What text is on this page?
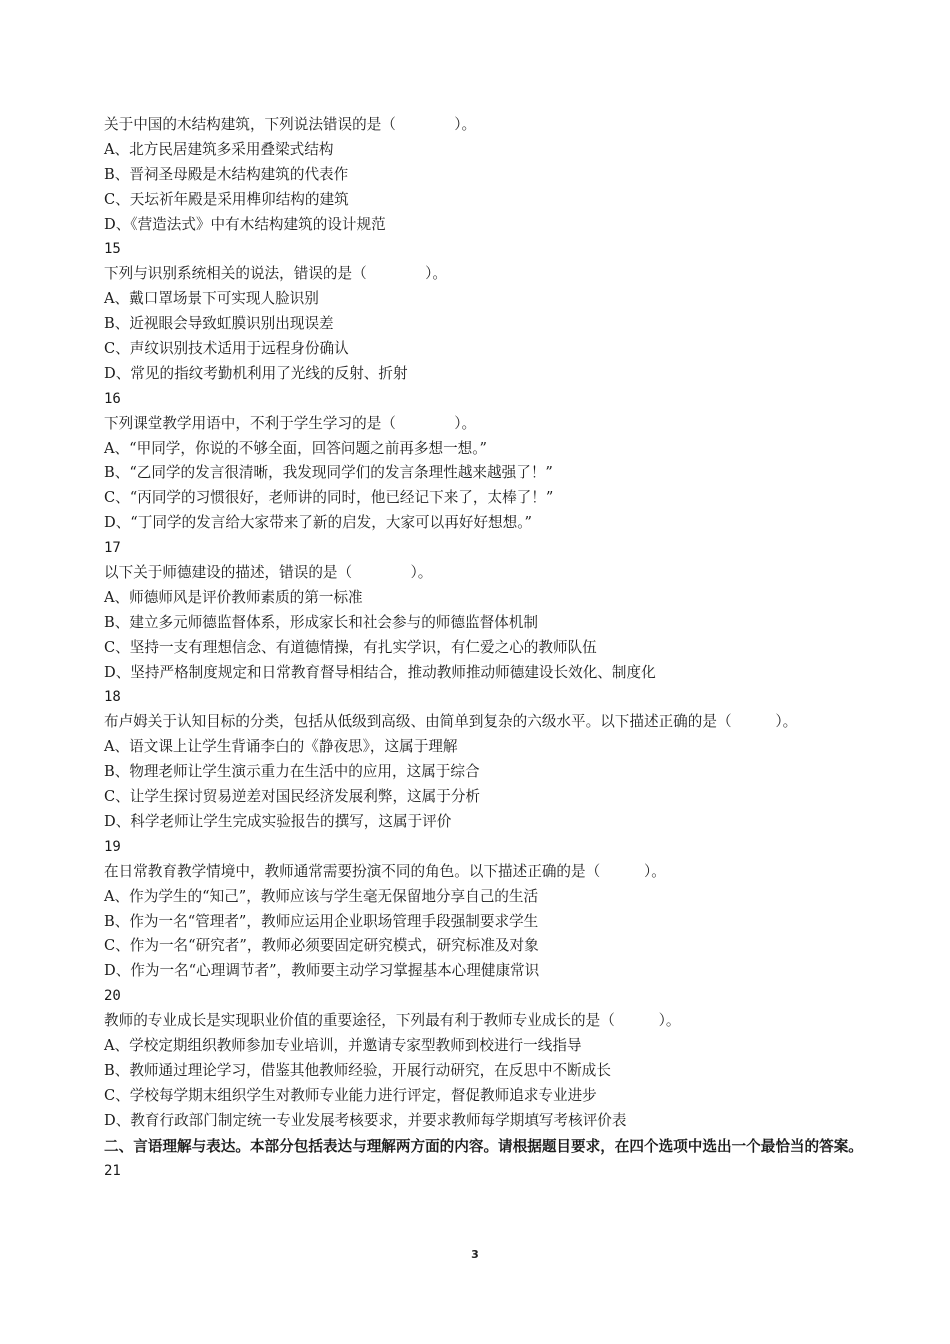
关于中国的木结构建筑，下列说法错误的是（　　　　）。
A、北方民居建筑多采用叠梁式结构
B、晋祠圣母殿是木结构建筑的代表作
C、天坛祈年殿是采用榫卯结构的建筑
D、《营造法式》中有木结构建筑的设计规范
15
下列与识别系统相关的说法，错误的是（　　　　）。
A、戴口罩场景下可实现人脸识别
B、近视眼会导致虹膜识别出现误差
C、声纹识别技术适用于远程身份确认
D、常见的指纹考勤机利用了光线的反射、折射
16
下列课堂教学用语中，不利于学生学习的是（　　　　）。
A、“甲同学，你说的不够全面，回答问题之前再多想一想。”
B、“乙同学的发言很清晰，我发现同学们的发言条理性越来越强了！”
C、“丙同学的习惯很好，老师讲的同时，他已经记下来了，太棒了！”
D、“丁同学的发言给大家带来了新的启发，大家可以再好好想想。”
17
以下关于师德建设的描述，错误的是（　　　　）。
A、师德师风是评价教师素质的第一标准
B、建立多元师德监督体系，形成家长和社会参与的师德监督体机制
C、坚持一支有理想信念、有道德情操，有扎实学识，有仁爱之心的教师队伍
D、坚持严格制度规定和日常教育督导相结合，推动教师推动师德建设长效化、制度化
18
布卢姆关于认知目标的分类，包括从低级到高级、由简单到复杂的六级水平。以下描述正确的是（　　　）。
A、语文课上让学生背诵李白的《静夜思》，这属于理解
B、物理老师让学生演示重力在生活中的应用，这属于综合
C、让学生探讨贸易逆差对国民经济发展利弊，这属于分析
D、科学老师让学生完成实验报告的撰写，这属于评价
19
在日常教育教学情境中，教师通常需要扮演不同的角色。以下描述正确的是（　　　）。
A、作为学生的“知己”，教师应该与学生毫无保留地分享自己的生活
B、作为一名“管理者”，教师应运用企业职场管理手段强制要求学生
C、作为一名“研究者”，教师必须要固定研究模式，研究标准及对象
D、作为一名“心理调节者”，教师要主动学习掌握基本心理健康常识
20
教师的专业成长是实现职业价值的重要途径，下列最有利于教师专业成长的是（　　　）。
A、学校定期组织教师参加专业培训，并邀请专家型教师到校进行一线指导
B、教师通过理论学习，借鉴其他教师经验，开展行动研究，在反思中不断成长
C、学校每学期末组织学生对教师专业能力进行评定，督促教师追求专业进步
D、教育行政部门制定统一专业发展考核要求，并要求教师每学期填写考核评价表
二、言语理解与表达。本部分包括表达与理解两方面的内容。请根据题目要求，在四个选项中选出一个最恰当的答案。
21
3
